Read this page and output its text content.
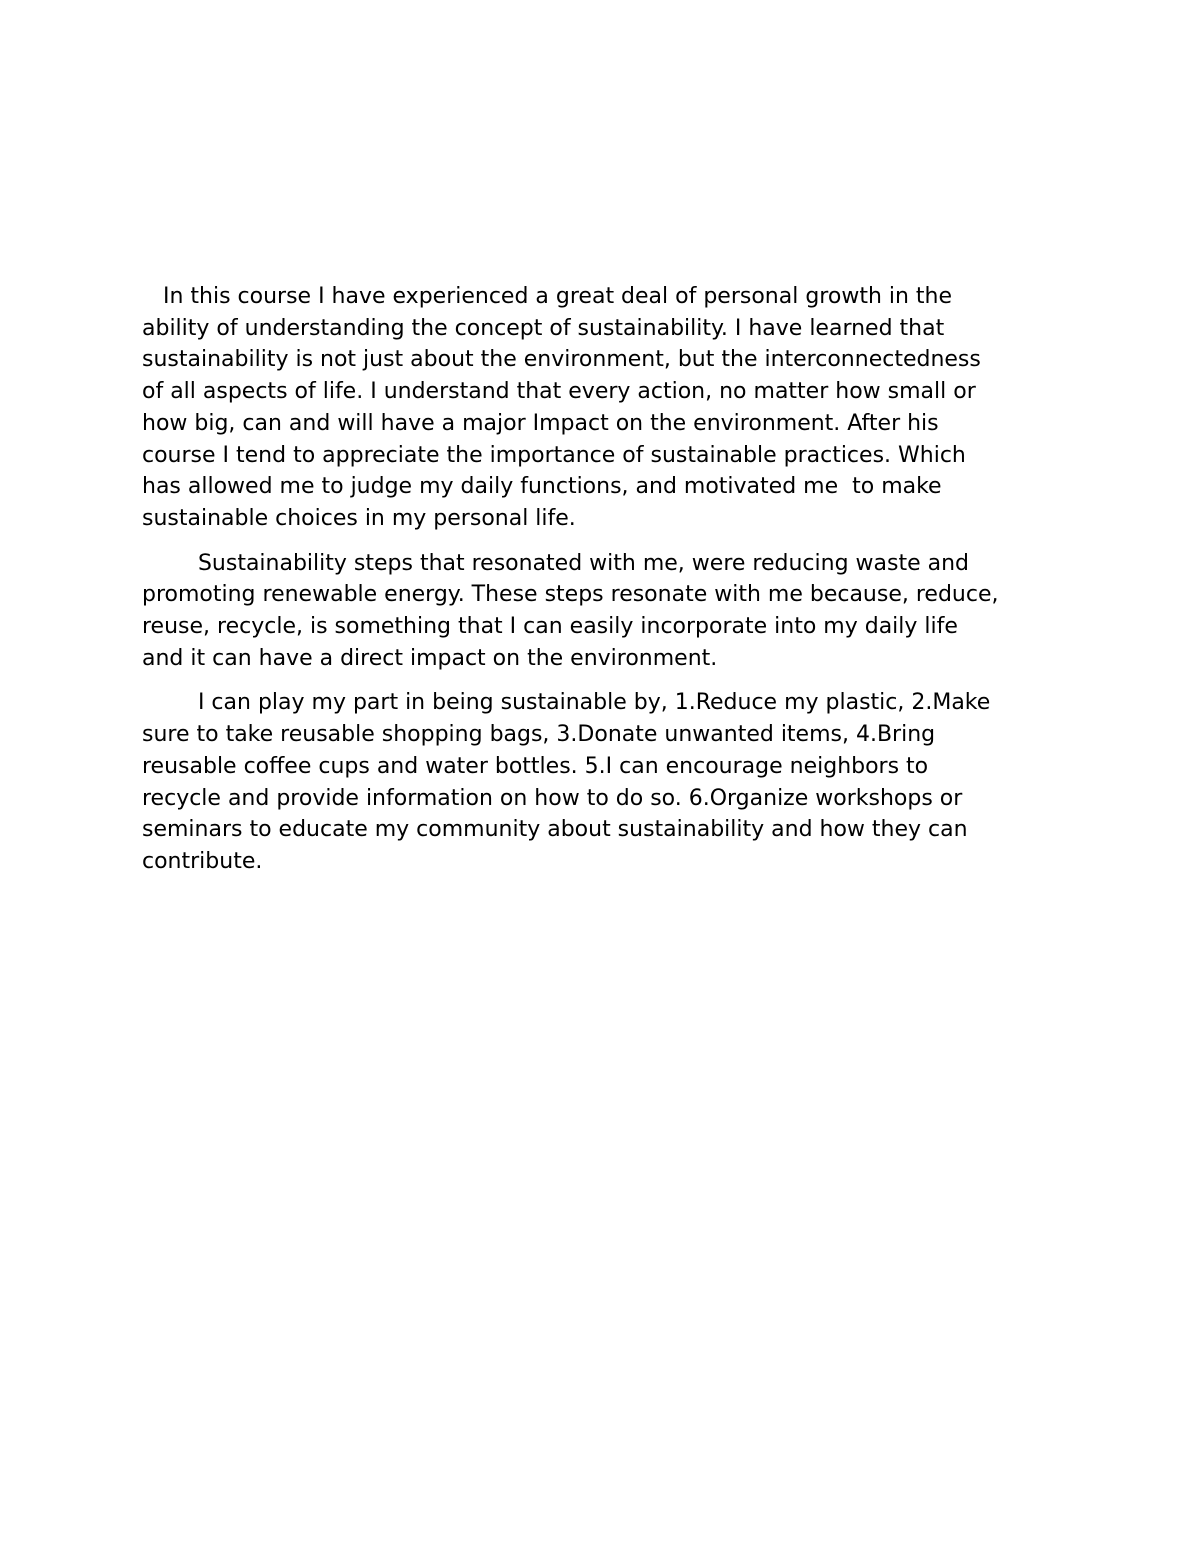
In this course I have experienced a great deal of personal growth in the
ability of understanding the concept of sustainability. I have learned that
sustainability is not just about the environment, but the interconnectedness
of all aspects of life. I understand that every action, no matter how small or
how big, can and will have a major Impact on the environment. After his
course I tend to appreciate the importance of sustainable practices. Which
has allowed me to judge my daily functions, and motivated me  to make
sustainable choices in my personal life.

Sustainability steps that resonated with me, were reducing waste and
promoting renewable energy. These steps resonate with me because, reduce,
reuse, recycle, is something that I can easily incorporate into my daily life
and it can have a direct impact on the environment.

I can play my part in being sustainable by, 1.Reduce my plastic, 2.Make
sure to take reusable shopping bags, 3.Donate unwanted items, 4.Bring
reusable coffee cups and water bottles. 5.I can encourage neighbors to
recycle and provide information on how to do so. 6.Organize workshops or
seminars to educate my community about sustainability and how they can
contribute.
